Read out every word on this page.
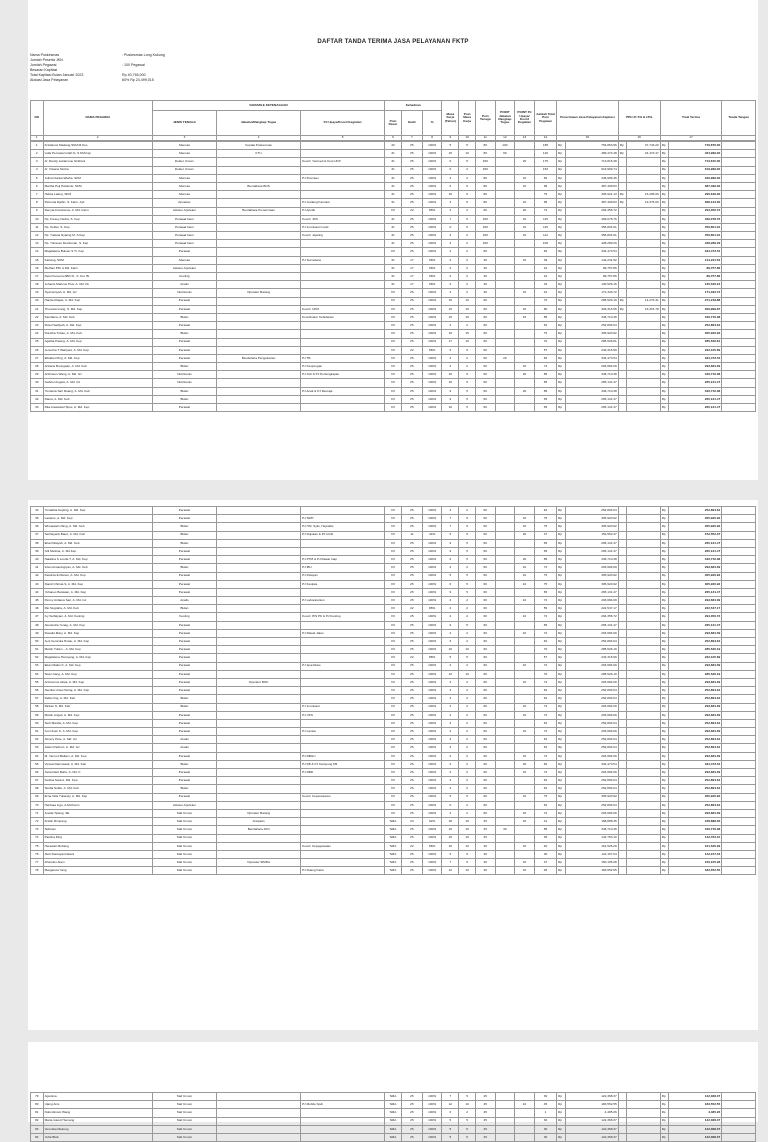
DAFTAR TANDA TERIMA JASA PELAYANAN FKTP
Nama Puskesmas	: Puskesmas Long Kukung
Jumlah Peserta JKN
Jumlah Pegawai	: 100 Pegawai
Besaran Kapitasi
Total Kapitasi Bulan Januari 2023	Rp 40,765,000
Alokasi Jasa Pelayanan	60% Rp 24,499,015
NO	NAMA PEGAWAI	VARIABLE KETENAGAAN			Kehadiran			Masa Kerja (Tahun)	Poin Masa Kerja	Poin Tenaga	POINT Jabatan Rangkap Tugas	POINT PJ Upaya/ Koord Kegiatan	Jumlah Total Poin Pegawai	Penerimaan Jasa Pelayanan Kapitasi	PPH 21 5% & 15%	Total Terima	Tanda Tangan
		JENIS TENAGA	Jabatan/Rangkap Tugas	PJ Upaya/Koord Kegiatan	Poin Dasar	Hadir	%										
1	2	3	4	5	6	7	8	9	10	11	12	13	14	15	16	17	
1	Kristianus Madang,SKM,M.Kes	Sitemas	Kepala Puskesmas		32	25	100%	5	5	80	100		185	Rp	754,863.96	Rp	37,743.20	Rp	716,876.00	
2	Lidia Permata Indah N, S.KM.Kep	Sitemas	KTU		31	25	100%	15	10	80	90		120	Rp	489,474.48	Rp	24,473.47	Rp	464,999.00	
3	dr. Randy Lubianone Sinthani	Dokter Umum		Koord. Yanmed & Koor.UKP	31	25	100%	0	5	150		20	175	Rp	713,815.48			Rp	713,815.00	
4	dr. Yokana Simba	Dokter Umum			31	25	100%	0	2	150			152	Rp	619,999.74			Rp	619,999.00	
5	Julina Nuraia Wtaha, SKM	Sitemas		PJ Promkes	31	25	100%	3	2	80		10	82	Rp	346,999.45			Rp	346,999.00	
6	Martha Puji Pahamik, SKM	Sitemas	Bendahara BOS		31	25	100%	6	5	80		10	95	Rp	387,499.83			Rp	387,499.00	
7	Helisa Ladeq, SKM	Sitemas			31	25	100%	10	5	80			75	Rp	305,921.13	Rp	15,296.06	Rp	290,649.00	
8	Petronia Djellin, S. Farm. Apt	Apoteker		PJ Gudang Farmasi	31	25	100%	3	5	80		10	95	Rp	387,499.83	Rp	19,375.00	Rp	368,124.00	
9	Renyta Fransiscus, A. Md. Farm	Asisten Apoteker	Bendahara Penerimaan	PJ Apotik	XX	22	88%	2	2	60		20	72	Rp	294,356.72			Rp	294,356.72	
10	Ns. Fresey Nedra, S. Kep	Perawat Ners		Koord. JKN	31	25	100%	7	5	100		10	115	Rp	469,078.76			Rp	469,078.76	
11	Ns. Kelliet, S. Kep	Perawat Ners		PJ Imunisasi Covid	31	25	100%	0	5	100		10	115	Rp	456,801.91			Rp	456,801.91	
12	Ns. Yuliana Nyiaing M, S.Kep	Perawat Ners		Koord. Jejaring	31	25	100%	3	2	100		10	112	Rp	456,801.91			Rp	456,801.91	
13	Ns. Yohanes Demberan, S. Kep	Perawat Ners			31	25	100%	3	2	100			100	Rp	428,289.29			Rp	428,289.29	
14	Magdalena Buluan S.Tr. Kep	Perawat			XX	25	100%	2	2	80			82	Rp	334,473.54			Rp	334,473.54	
15	Kartang, SKM	Sitemas		PJ Surveilans	31	17	68%	2	2	40		10	39	Rp	144,231.52			Rp	144,231.52	
16	Methan PM, A.Md. Farm	Asisten Apoteker			31	17	68%	2	2	20			22	Rp	89,757.86			Rp	89,757.86	
17	Dewi Kusuma ABD R., S. Kel. Bi	Kesling			31	17	68%	2	2	20			22	Rp	89,757.86			Rp	89,757.86	
18	Johanis Marinus Pius, A. Md. Kk	Analis			31	17	68%	2	2	30			32	Rp	130,526.16			Rp	130,526.16	
19	Syamsinyah, A. Md. Gz	Nutrisionis	Operator Barang		XX	25	100%	3	2	30		10	42	Rp	171,333.72			Rp	171,333.72	
20	Harpiet Rajas, A. Md. Kep	Perawat			XX	25	100%	15	10	60			70	Rp	285,526.19	Rp	14,276.31	Rp	271,249.88	
21	Theresia Inang, S. Md. Kep	Perawat		Koord. UKM	XX	25	100%	15	10	60		10	80	Rp	326,315.65	Rp	16,315.78	Rp	309,999.87	
22	Kandiana, A. Md. Keb	Bidan		Koordinator Kebidanan	XX	25	100%	15	10	60		15	85	Rp	346,710.38			Rp	346,710.38	
23	Rosul Sadiyah, A. Md. Kep	Perawat			XX	25	100%	2	2	60			62	Rp	252,894.64			Rp	252,894.64	
24	Doretha Tubau, A. Md. Keb	Bidan			XX	25	100%	10	15	60			75	Rp	305,920.92			Rp	305,920.92	
25	Agatha Paleng, A. Md. Kep	Perawat			XX	25	100%	17	10	60			70	Rp	285,526.61			Rp	285,526.61	
26	Jeremha T Wahyani, A. Md. Kep	Perawat			XX	22	88%	5	5	60			57	Rp	232,315.69			Rp	232,315.69	
27	Elisabet Ping, A. Md. Kep	Perawat	Bendahara Pengeluaran	PJ TB	XX	25	100%	2	2	60	20		82	Rp	334,473.54			Rp	334,473.54	
28	Antiana Bunngaan, A. Md. Keb	Bidan		PJ Kesjorogan	XX	25	100%	2	2	60		10	72	Rp	293,684.09			Rp	293,684.09	
29	Anthneus Wang, A. Md. Gz	Nutrisionis		PJ Gizi & PJ Perlengkapan	XX	25	100%	10	5	60		20	85	Rp	346,710.38			Rp	346,710.38	
30	Gabriel Angela, A. Md. Gz	Nutrisionis			XX	25	100%	10	5	60			65	Rp	265,131.47			Rp	265,131.47	
31	Yunianta Sari Ruang, A. Md. Keb	Bidan		PJ Anak & PJ Remaja	XX	25	100%	9	5	60		20	85	Rp	346,710.38			Rp	346,710.38	
32	Diana, A. Md. Keb	Bidan			XX	25	100%	9	5	60			65	Rp	265,131.47			Rp	265,131.47	
33	Rita Arastasia Hipus, A. Md. Kep	Perawat			XX	25	100%	10	5	60			65	Rp	265,131.47			Rp	265,131.47	
34	Yustathia Kepling, A. Md. Kep	Perawat			XX	25	100%	3	2	60			62	Rp	252,894.64			Rp	252,894.64	
35	Lasarus, A. Md. Kep	Perawat		PJ ISPP	XX	25	100%	7	5	60		10	75	Rp	305,920.92			Rp	305,920.92	
36	Wisnawati Ubing, A. Md. Keb	Bidan		PJ HIV, Sylis, Hepatitis	XX	25	100%	7	5	60		10	75	Rp	305,920.92			Rp	305,920.92	
37	Serlitayanti Baurt, A. Md. Keb	Bidan		PJ Rujukan & PJ UGD	XX	11	44%	5	5	60		20	37	Rp	152,552.37			Rp	152,552.37	
38	Elsa Palayah, A. Md. Keb	Bidan			XX	25	100%	9	5	60			65	Rp	265,131.47			Rp	265,131.47	
39	Ivllt Medina, A. Md.Kep	Perawat			XX	25	100%	9	5	60			65	Rp	265,131.47			Rp	265,131.47	
40	Natalina S Londa T, A. Md. Kep	Perawat		PJ PTM & PJ Rawat Inap	XX	25	100%	6	5	60		20	85	Rp	346,710.38			Rp	346,710.38	
41	Intan Ansaningtyas, A. Md. Keb	Bidan		PJ IBU	XX	25	100%	3	2	60		10	72	Rp	293,684.09			Rp	293,684.09	
42	Dewinta E Manes, A. Md. Kep	Perawat		PJ Pelayan	XX	25	100%	5	5	60		10	75	Rp	305,920.92			Rp	305,920.92	
43	Dandi Christa S, A. Md. Kep	Perawat		PJ Kesjiwa	XX	25	100%	6	5	60		10	75	Rp	305,920.92			Rp	305,920.92	
44	Yohanes Belawan, A. Md. Kep	Perawat			XX	25	100%	9	5	60			65	Rp	265,131.47			Rp	265,131.47	
45	Penny Ardiana Sari, A. Md. Gz	Analis		PJ Laboratorium	XX	25	100%	2	2	60		10	72	Rp	293,684.09			Rp	293,684.09	
46	Rio Nugraha, A. Md. Keb	Bidan			XX	22	88%	2	2	60			55	Rp	222,547.17			Rp	222,547.17	
47	Ivy Sulfalyani, A. Md. Kesling	Kesling		Koord. PIS PK & PJ Kesling	XX	25	100%	2	2	60		10	72	Rp	294,356.72			Rp	294,356.72	
48	Alexandra Yonag, A. Md. Kep	Perawat			XX	25	100%	9	5	60			65	Rp	265,131.47			Rp	265,131.47	
49	Rosalia Mary, A. Md. Kep	Perawat		PJ Rawat Jalan	XX	25	100%	2	2	60		10	72	Rp	293,684.09			Rp	293,684.09	
50	Jeni Veronika Hutau, A. Md. Kep	Perawat			XX	25	100%	3	2	60			62	Rp	252,894.64			Rp	252,894.64	
51	Martin Tulla L., A. Md. Kep	Perawat			XX	25	100%	16	10	60			70	Rp	285,526.19			Rp	285,526.19	
52	Magdalena Haruyang, A. Md. Kep	Perawat			XX	22	88%	5	5	60			57	Rp	232,315.69			Rp	232,315.69	
53	Ekan Makin K, A. Md. Kep	Perawat		PJ Iqsa Diare	XX	25	100%	2	2	60		10	72	Rp	293,684.09			Rp	293,684.09	
54	Sisa Urang, A. Md. Kep	Perawat			XX	25	100%	12	10	60			70	Rp	285,526.19			Rp	285,526.19	
55	Antinumus Aliwa, A. Md. Kep	Perawat	Operator BOK		XX	25	100%	2	2	60		10	72	Rp	293,684.09			Rp	293,684.09	
56	Stevika Unsa Helvaj, A. Md. Kep	Perawat			XX	25	100%	3	2	60			62	Rp	252,894.64			Rp	252,894.64	
57	Della Ong, A. Md. Keb	Bidan			XX	25	100%	3	2	60			62	Rp	252,894.64			Rp	252,894.64	
58	Rickan S, Md. Keb	Bidan		PJ Imunisasi	XX	25	100%	2	2	60		10	72	Rp	293,684.09			Rp	293,684.09	
59	Martin Angeli, A. Md. Kep	Perawat		PJ UKS	XX	25	100%	2	2	60		10	72	Rp	293,684.09			Rp	293,684.09	
60	Serli Manda, A. Md. Kep	Perawat			XX	25	100%	3	2	60			62	Rp	252,894.64			Rp	252,894.64	
61	Ivni Uisen K, A. Md. Kep	Perawat		PJ Lansia	XX	25	100%	2	2	60		10	72	Rp	293,684.09			Rp	293,684.09	
62	Almery Pare, A. Md. Gz	Analis			XX	25	100%	3	2	60			62	Rp	252,894.64			Rp	252,894.64	
63	Adam Padrom, A. Md. Gz	Analis			XX	25	100%	3	2	60			62	Rp	252,894.64			Rp	252,894.64	
64	M. Yanni A Bafiam, A. Md. Kep	Perawat		PJ DBGU	XX	25	100%	2	2	60		10	72	Rp	293,684.09			Rp	293,684.09	
65	Viyssa Darmawati, A. Md. Keb	Bidan		PJ KB & PJ Kampung KB	XX	25	100%	2	2	60		20	82	Rp	334,473.54			Rp	334,473.54	
66	Aslumdani Bahu, A. Md. K	Perawat		PJ DBD	XX	25	100%	2	2	60		10	72	Rp	293,684.09			Rp	293,684.09	
67	Fedina Sara A, Md. Kep	Perawat			XX	25	100%	3	2	60			62	Rp	252,894.64			Rp	252,894.64	
68	Sindia Suffet, A. Md. Keb	Bidan			XX	25	100%	3	2	60			62	Rp	252,894.64			Rp	252,894.64	
69	Erna Vida Yuliandy, A. Md. Kep	Perawat		Koord. Kepenasaran	XX	25	100%	5	5	60		10	75	Rp	305,920.92			Rp	305,920.92	
70	Herlisaa Ligu, A.Md.Farm	Asisten Apoteker			XX	25	100%	0	2	60			62	Rp	252,894.64			Rp	252,894.64	
71	Juwita Tipang, SE	Staf Umum	Operator Barang		XX	25	100%	2	2	60		10	72	Rp	293,684.09			Rp	293,684.09	
72	Kristin Rimpang	Staf Umum	Arsiparis		SMA	23	92%	18	10	25		10	41	Rp	168,888.35			Rp	168,888.35	
73	Sidiman	Staf Umum	Bendahara JKN		SMA	25	100%	16	10	25	30		85	Rp	346,710.38			Rp	346,710.38	
74	Paulina Ping	Staf Umum			SMA	25	100%	15	10	25			35	Rp	142,763.10			Rp	142,763.10	
75	Herawati Mehang	Staf Umum		Koord. Kepegawaian	SMA	22	88%	10	10	25		10	40	Rp	161,526.29			Rp	161,526.29	
76	Aleh Damayanti Elani	Staf Umum			SMA	25	100%	5	5	25			30	Rp	122,157.04			Rp	122,157.04	
77	Kharnius Alam	Staf Umum	Operator SIMDA		SMA	25	100%	7	5	25		10	37	Rp	150,105.28			Rp	150,105.28	
78	Margareta Yang	Staf Umum		PJ Ruang Kartu	SMA	25	100%	12	10	25		10	45	Rp	183,552.55			Rp	183,552.55	
79	Agustina	Staf Umum			SMA	25	100%	7	5	25			30	Rp	122,368.37			Rp	122,368.37	
80	Ujang Anis	Staf Umum		PJ Mobile Spdi	SMA	25	100%	12	10	25		10	45	Rp	183,552.55			Rp	183,552.55	
81	Ndondimarc Wang	Staf Umum			SMA	25	100%	0	2	25			1	Rp	4,485.26			Rp	4,485.26	
82	Maria Gareti Hemang	Staf Umum			SMA	25	100%	5	5	25			30	Rp	122,368.37			Rp	122,368.37	
83	Veronika Mekung	Staf Umum			SMA	25	100%	5	5	25			30	Rp	122,368.37			Rp	122,368.37	
84	Yefta Blah	Staf Umum			SMA	25	100%	5	5	25			30	Rp	122,368.37			Rp	122,368.37	
